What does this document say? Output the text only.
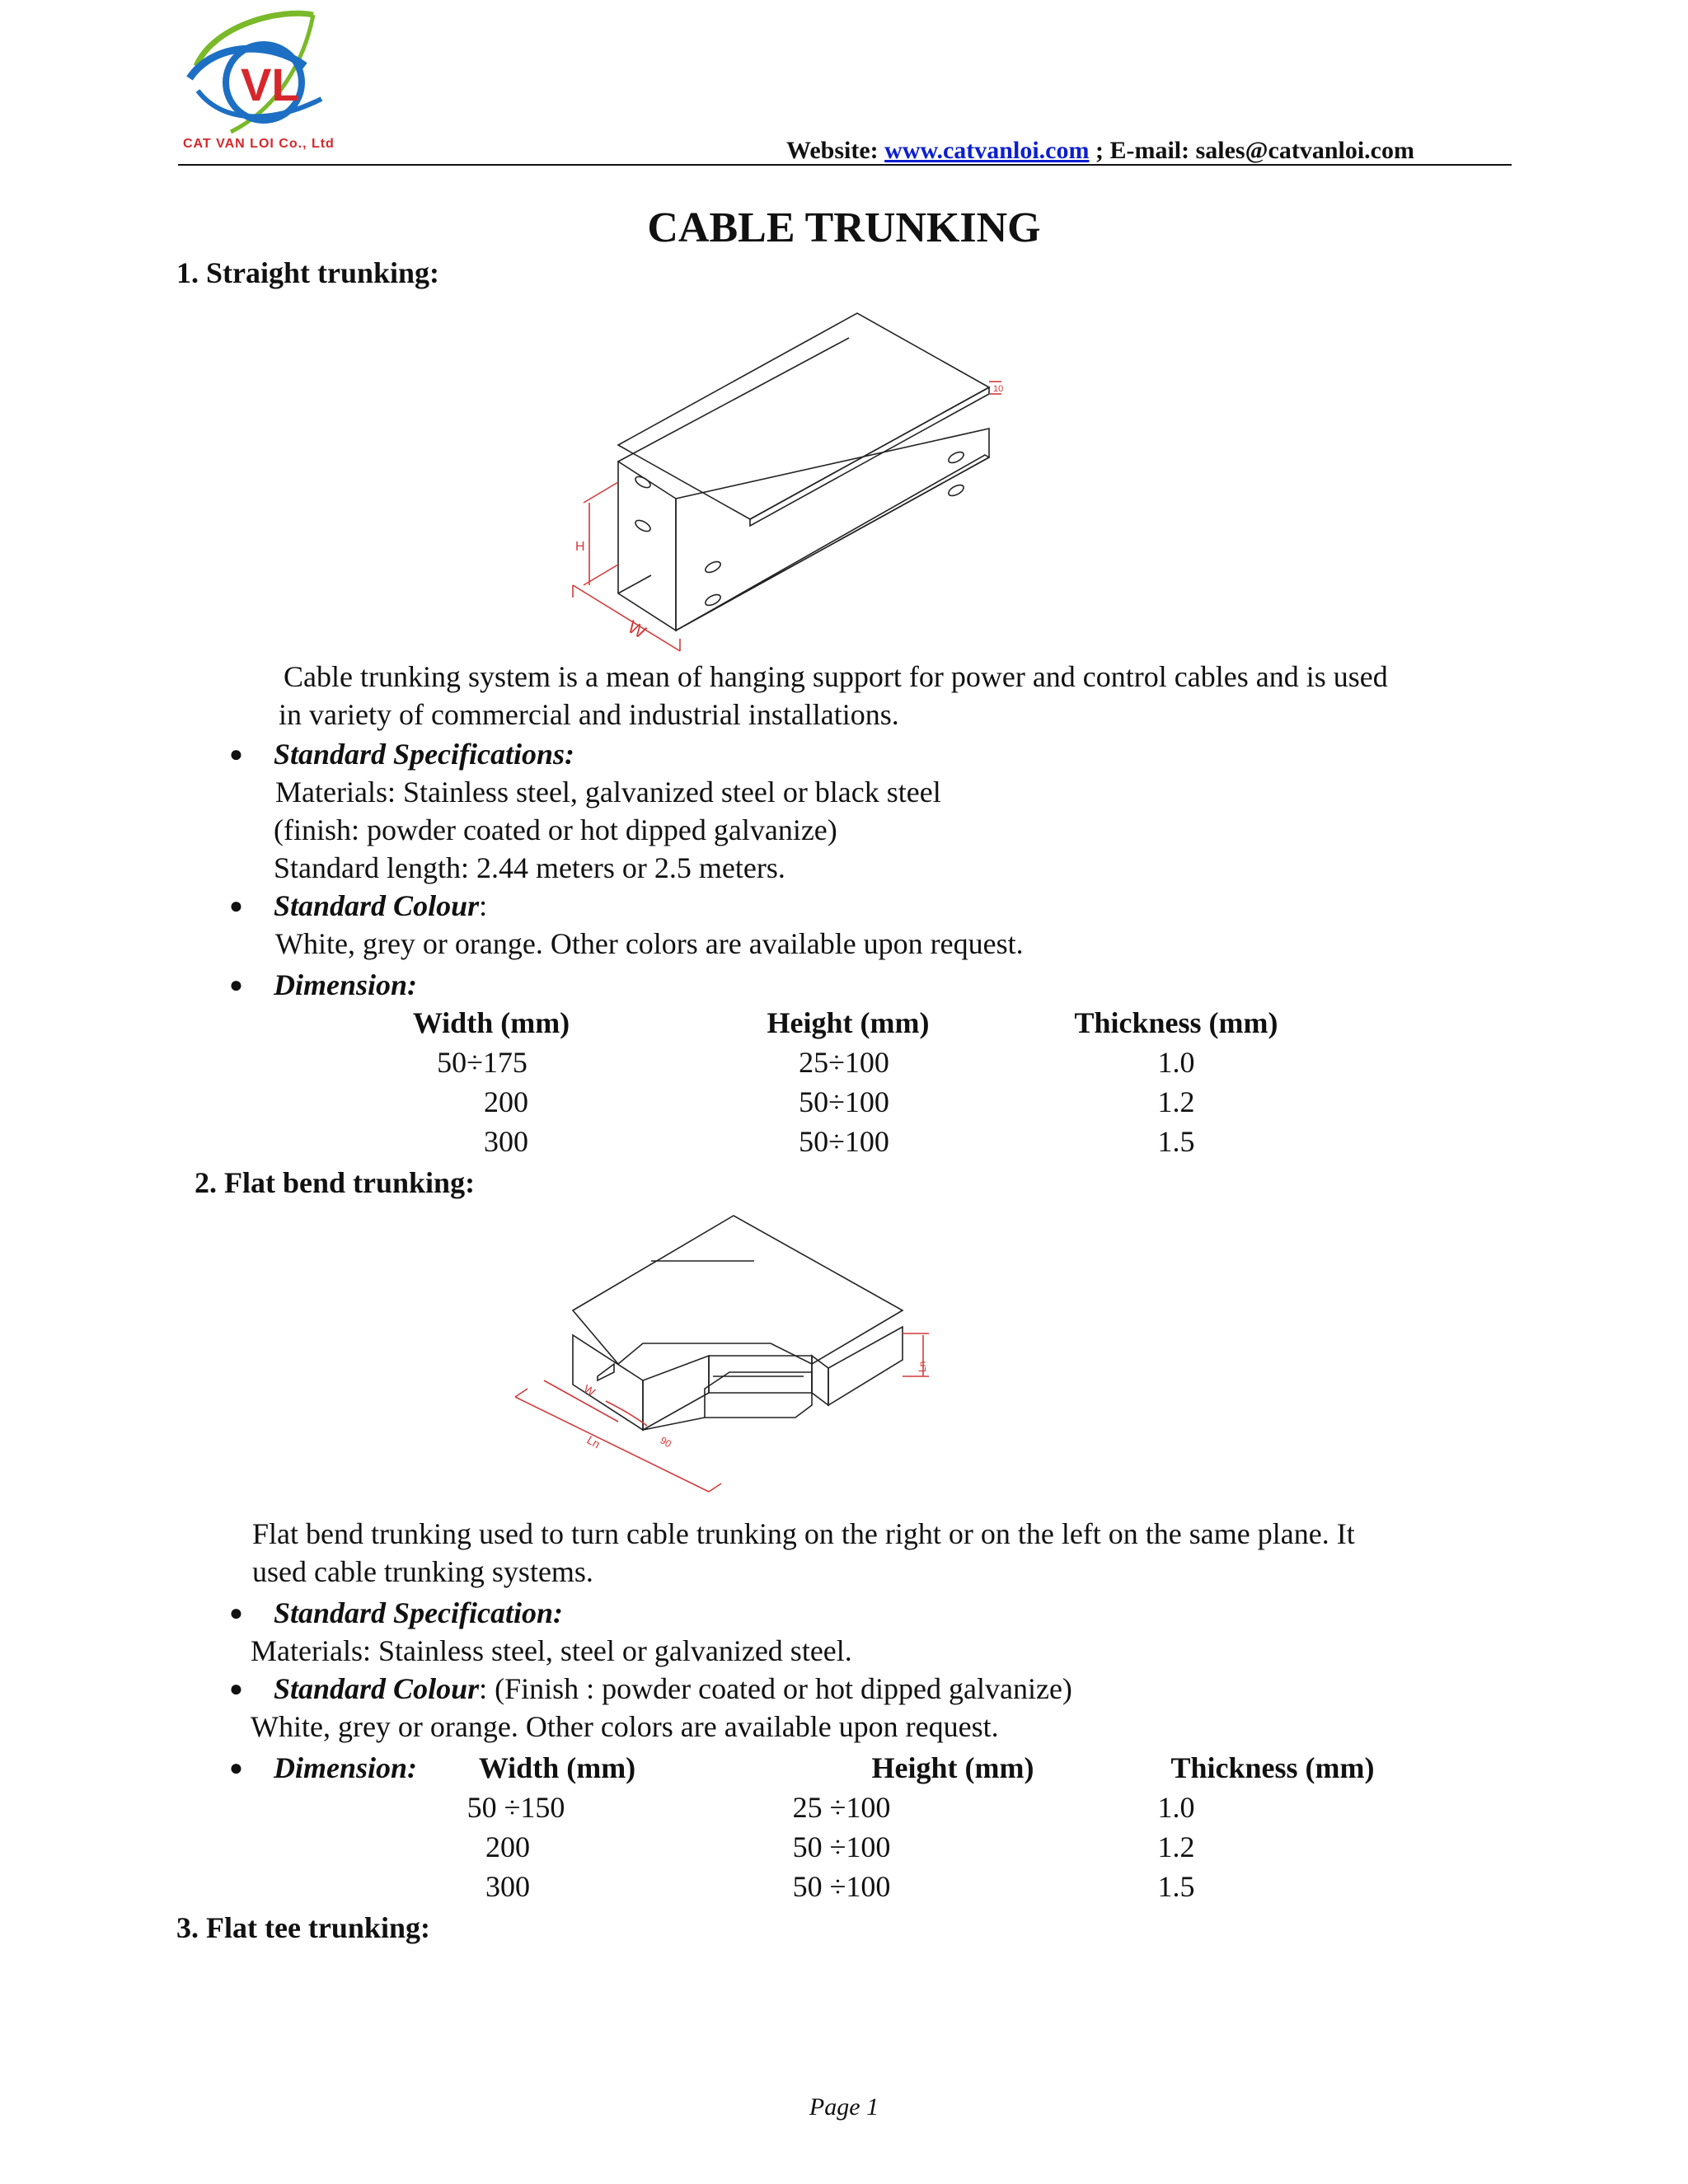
VL
CAT VAN LOI Co., Ltd	Website: www.catvanloi.com ; E-mail: sales@catvanloi.com
CABLE TRUNKING
1. Straight trunking:
H
W
10
Cable trunking system is a mean of hanging support for power and control cables and is used
in variety of commercial and industrial installations.
● Standard Specifications:
Materials: Stainless steel, galvanized steel or black steel
(finish: powder coated or hot dipped galvanize)
Standard length: 2.44 meters or 2.5 meters.
● Standard Colour:
White, grey or orange. Other colors are available upon request.
● Dimension:
Width (mm)	Height (mm)	Thickness (mm)
50÷175	25÷100	1.0
200	50÷100	1.2
300	50÷100	1.5
2. Flat bend trunking:
Ln
W
Ln	90
Flat bend trunking used to turn cable trunking on the right or on the left on the same plane. It
used cable trunking systems.
● Standard Specification:
Materials: Stainless steel, steel or galvanized steel.
● Standard Colour: (Finish : powder coated or hot dipped galvanize)
White, grey or orange. Other colors are available upon request.
● Dimension: Width (mm)	Height (mm)	Thickness (mm)
50 ÷150	25 ÷100	1.0
200	50 ÷100	1.2
300	50 ÷100	1.5
3. Flat tee trunking:
Page 1
